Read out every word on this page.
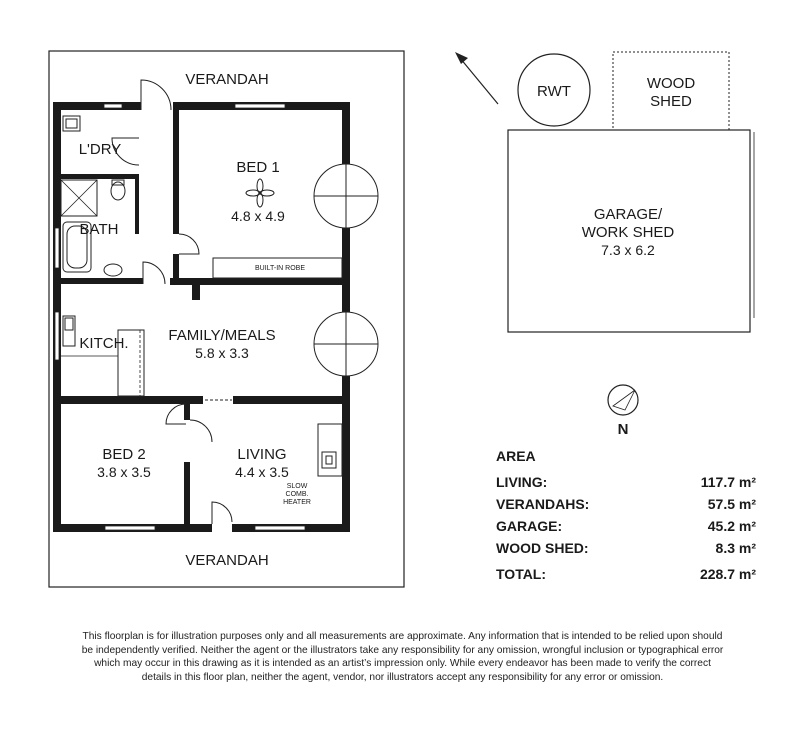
VERANDAH
VERANDAH
L'DRY
BATH
BED 1
4.8 x 4.9
BUILT-IN ROBE
KITCH.	FAMILY/MEALS
5.8 x 3.3
BED 2
3.8 x 3.5
LIVING
4.4 x 3.5
SLOW
COMB.
HEATER
RWT	WOOD
SHED
GARAGE/
WORK SHED
7.3 x 6.2
N
AREA
LIVING:	117.7 m²
VERANDAHS:	57.5 m²
GARAGE:	45.2 m²
WOOD SHED:	8.3 m²
TOTAL:	228.7 m²
This floorplan is for illustration purposes only and all measurements are approximate. Any information that is intended to be relied upon should be independently verified. Neither the agent or the illustrators take any responsibility for any omission, wrongful inclusion or typographical error which may occur in this drawing as it is intended as an artist’s impression only. While every endeavor has been made to verify the correct details in this floor plan, neither the agent, vendor, nor illustrators accept any responsibility for any error or omission.
